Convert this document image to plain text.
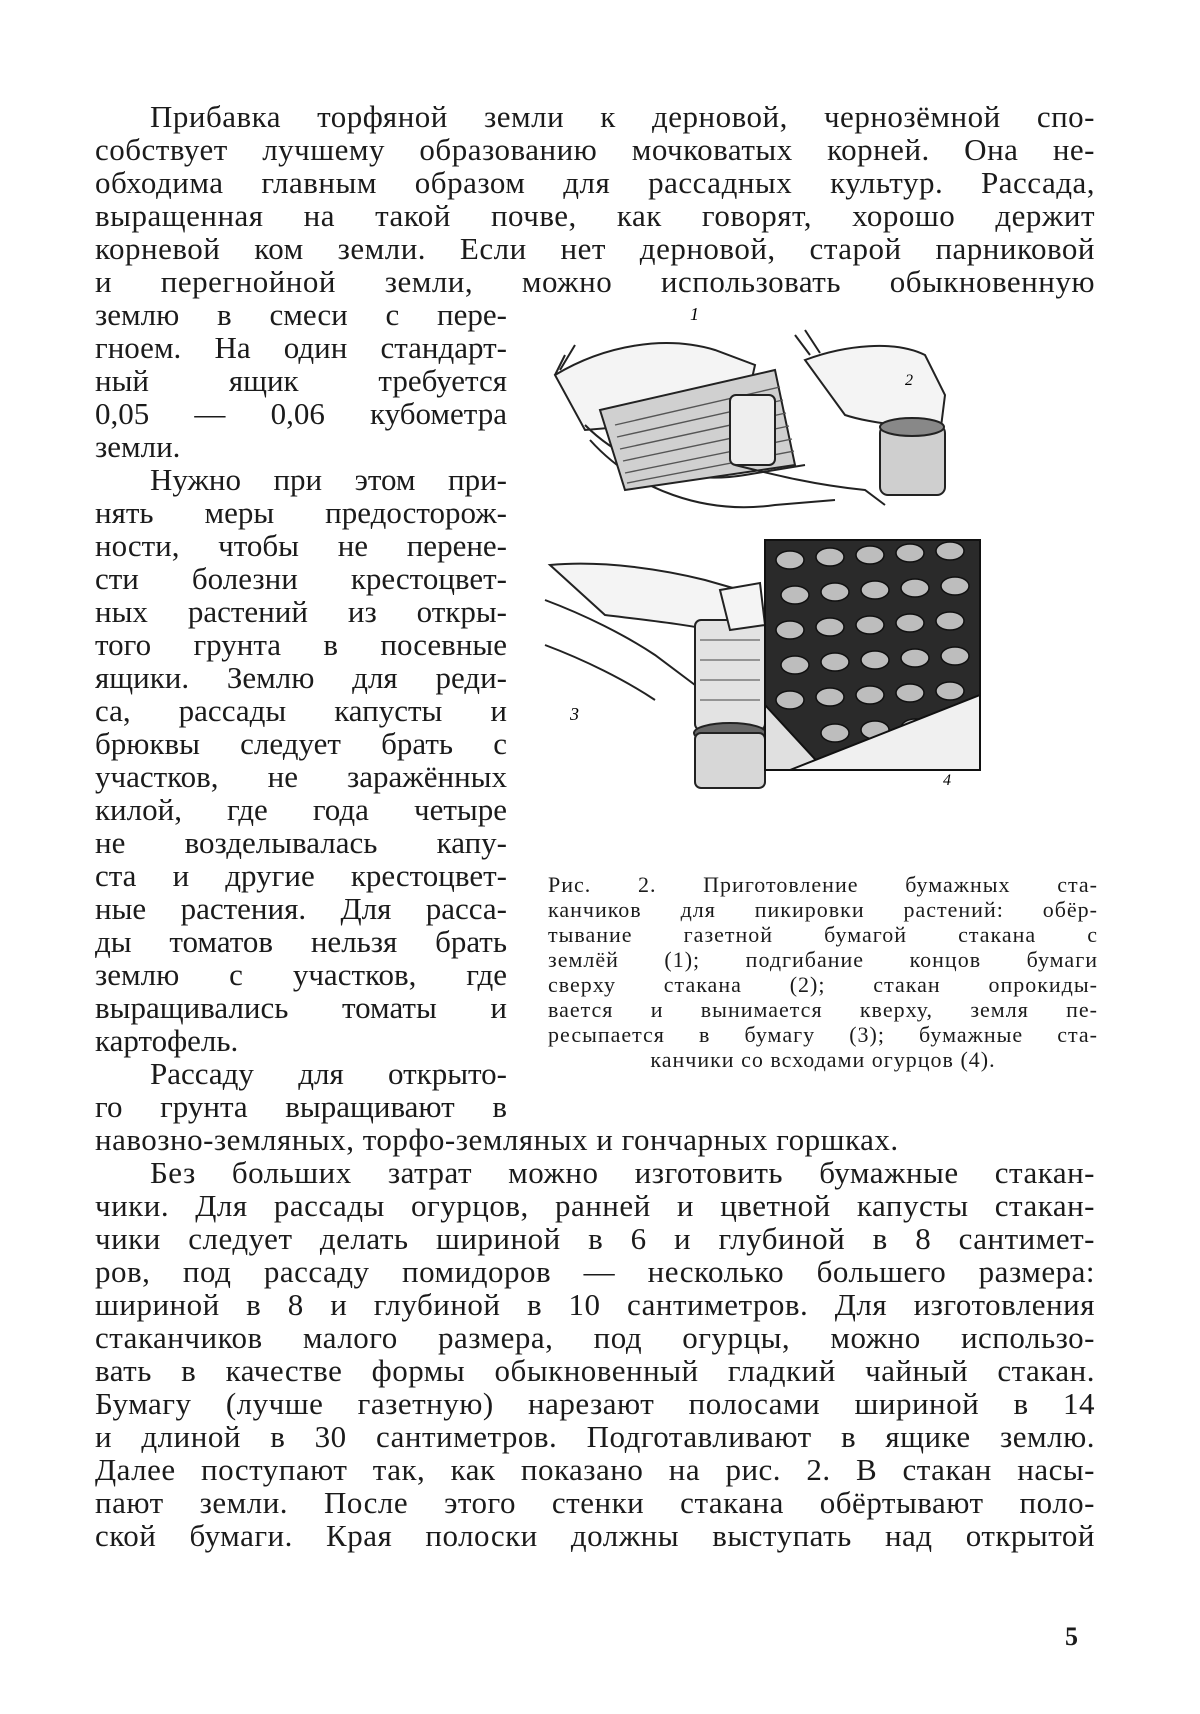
Прибавка торфяной земли к дерновой, чернозёмной спо-
собствует лучшему образованию мочковатых корней. Она не-
обходима главным образом для рассадных культур. Рассада,
выращенная на такой почве, как говорят, хорошо держит
корневой ком земли. Если нет дерновой, старой парниковой
и перегнойной земли, можно использовать обыкновенную
землю в смеси с пере-
гноем. На один стандарт-
ный ящик требуется
0,05 — 0,06 кубометра
земли.
Нужно при этом при-
нять меры предосторож-
ности, чтобы не перене-
сти болезни крестоцвет-
ных растений из откры-
того грунта в посевные
ящики. Землю для реди-
са, рассады капусты и
брюквы следует брать с
участков, не заражённых
килой, где года четыре
не возделывалась капу-
ста и другие крестоцвет-
ные растения. Для расса-
ды томатов нельзя брать
землю с участков, где
выращивались томаты и
картофель.
Рассаду для открыто-
го грунта выращивают в
1
3
4
2
Рис. 2. Приготовление бумажных ста-
канчиков для пикировки растений: обёр-
тывание газетной бумагой стакана с
землёй (1); подгибание концов бумаги
сверху стакана (2); стакан опрокиды-
вается и вынимается кверху, земля пе-
ресыпается в бумагу (3); бумажные ста-
канчики со всходами огурцов (4).
навозно-земляных, торфо-земляных и гончарных горшках.
Без больших затрат можно изготовить бумажные стакан-
чики. Для рассады огурцов, ранней и цветной капусты стакан-
чики следует делать шириной в 6 и глубиной в 8 сантимет-
ров, под рассаду помидоров — несколько большего размера:
шириной в 8 и глубиной в 10 сантиметров. Для изготовления
стаканчиков малого размера, под огурцы, можно использо-
вать в качестве формы обыкновенный гладкий чайный стакан.
Бумагу (лучше газетную) нарезают полосами шириной в 14
и длиной в 30 сантиметров. Подготавливают в ящике землю.
Далее поступают так, как показано на рис. 2. В стакан насы-
пают земли. После этого стенки стакана обёртывают поло-
ской бумаги. Края полоски должны выступать над открытой
5
